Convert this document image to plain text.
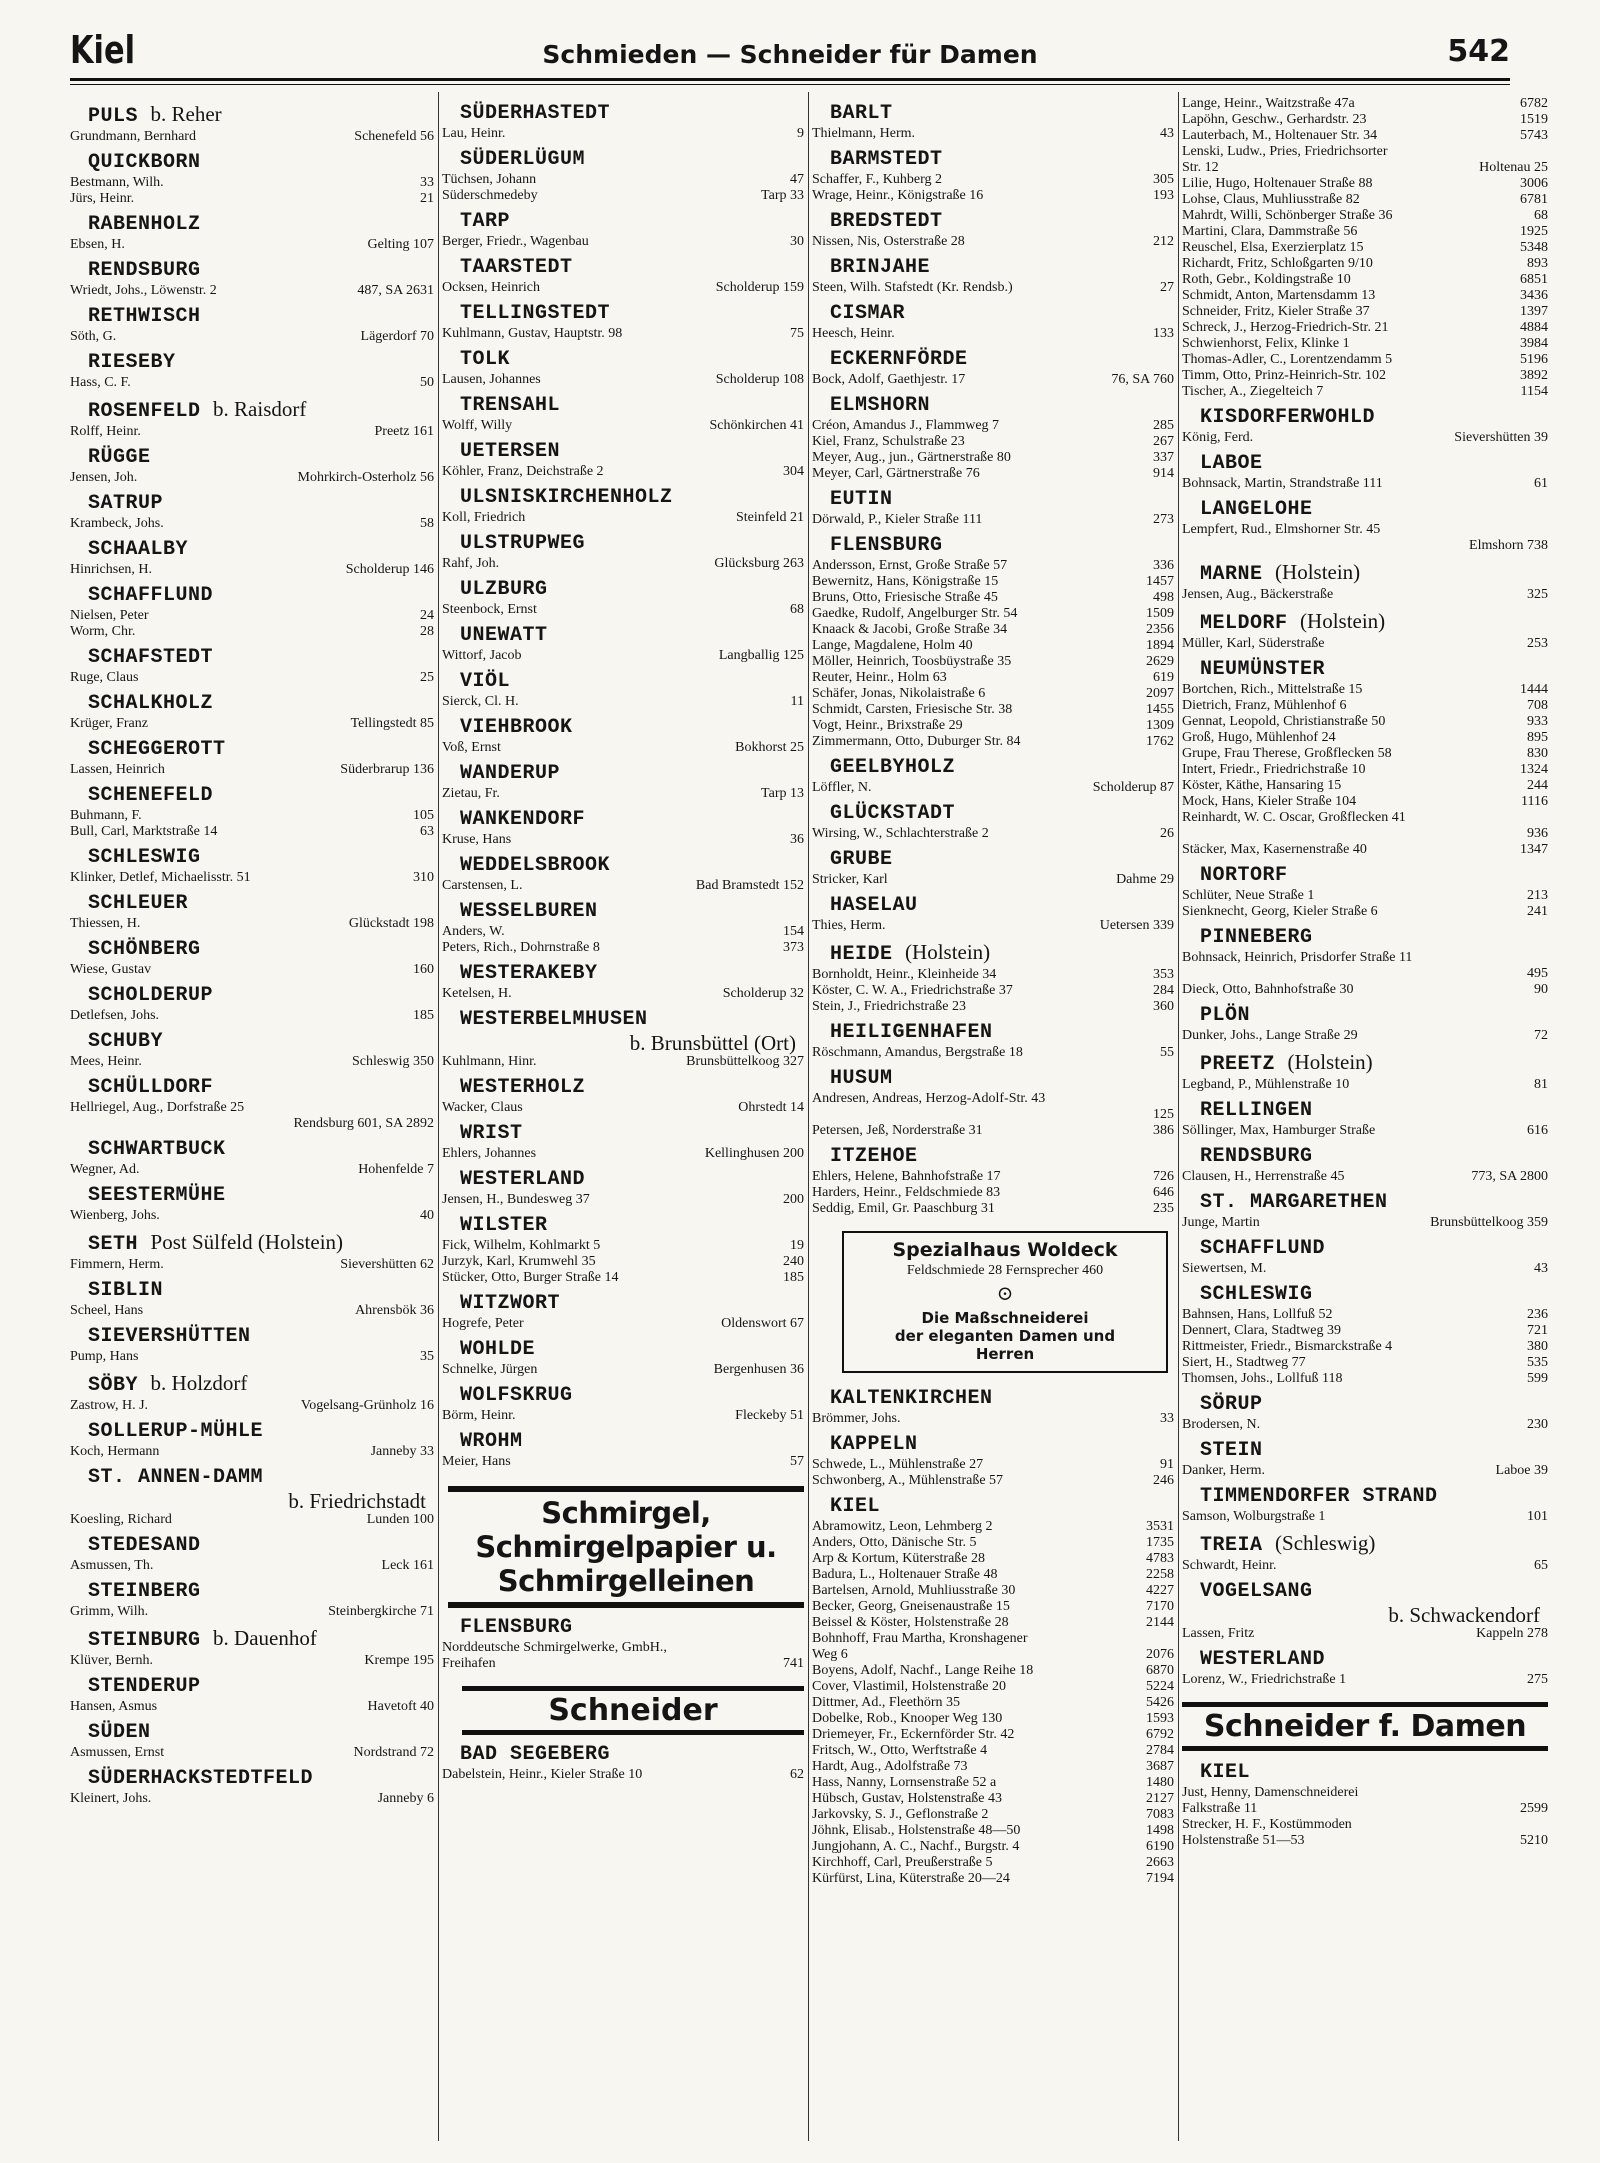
Kiel	Schmieden — Schneider für Damen	542
PULS b. Reher
Grundmann, Bernhard	Schenefeld 56
QUICKBORN
Bestmann, Wilh.	33
Jürs, Heinr.	21
RABENHOLZ
Ebsen, H.	Gelting 107
RENDSBURG
Wriedt, Johs., Löwenstr. 2	487, SA 2631
RETHWISCH
Söth, G.	Lägerdorf 70
RIESEBY
Hass, C. F.	50
ROSENFELD b. Raisdorf
Rolff, Heinr.	Preetz 161
RÜGGE
Jensen, Joh.	Mohrkirch-Osterholz 56
SATRUP
Krambeck, Johs.	58
SCHAALBY
Hinrichsen, H.	Scholderup 146
SCHAFFLUND
Nielsen, Peter	24
Worm, Chr.	28
SCHAFSTEDT
Ruge, Claus	25
SCHALKHOLZ
Krüger, Franz	Tellingstedt 85
SCHEGGEROTT
Lassen, Heinrich	Süderbrarup 136
SCHENEFELD
Buhmann, F.	105
Bull, Carl, Marktstraße 14	63
SCHLESWIG
Klinker, Detlef, Michaelisstr. 51	310
SCHLEUER
Thiessen, H.	Glückstadt 198
SCHÖNBERG
Wiese, Gustav	160
SCHOLDERUP
Detlefsen, Johs.	185
SCHUBY
Mees, Heinr.	Schleswig 350
SCHÜLLDORF
Hellriegel, Aug., Dorfstraße 25
Rendsburg 601, SA 2892
SCHWARTBUCK
Wegner, Ad.	Hohenfelde 7
SEESTERMÜHE
Wienberg, Johs.	40
SETH Post Sülfeld (Holstein)
Fimmern, Herm.	Sievershütten 62
SIBLIN
Scheel, Hans	Ahrensbök 36
SIEVERSHÜTTEN
Pump, Hans	35
SÖBY b. Holzdorf
Zastrow, H. J.	Vogelsang-Grünholz 16
SOLLERUP-MÜHLE
Koch, Hermann	Janneby 33
ST. ANNEN-DAMM
b. Friedrichstadt
Koesling, Richard	Lunden 100
STEDESAND
Asmussen, Th.	Leck 161
STEINBERG
Grimm, Wilh.	Steinbergkirche 71
STEINBURG b. Dauenhof
Klüver, Bernh.	Krempe 195
STENDERUP
Hansen, Asmus	Havetoft 40
SÜDEN
Asmussen, Ernst	Nordstrand 72
SÜDERHACKSTEDTFELD
Kleinert, Johs.	Janneby 6
SÜDERHASTEDT
Lau, Heinr.	9
SÜDERLÜGUM
Tüchsen, Johann	47
Süderschmedeby	Tarp 33
TARP
Berger, Friedr., Wagenbau	30
TAARSTEDT
Ocksen, Heinrich	Scholderup 159
TELLINGSTEDT
Kuhlmann, Gustav, Hauptstr. 98	75
TOLK
Lausen, Johannes	Scholderup 108
TRENSAHL
Wolff, Willy	Schönkirchen 41
UETERSEN
Köhler, Franz, Deichstraße 2	304
ULSNISKIRCHENHOLZ
Koll, Friedrich	Steinfeld 21
ULSTRUPWEG
Rahf, Joh.	Glücksburg 263
ULZBURG
Steenbock, Ernst	68
UNEWATT
Wittorf, Jacob	Langballig 125
VIÖL
Sierck, Cl. H.	11
VIEHBROOK
Voß, Ernst	Bokhorst 25
WANDERUP
Zietau, Fr.	Tarp 13
WANKENDORF
Kruse, Hans	36
WEDDELSBROOK
Carstensen, L.	Bad Bramstedt 152
WESSELBUREN
Anders, W.	154
Peters, Rich., Dohrnstraße 8	373
WESTERAKEBY
Ketelsen, H.	Scholderup 32
WESTERBELMHUSEN
b. Brunsbüttel (Ort)
Kuhlmann, Hinr.	Brunsbüttelkoog 327
WESTERHOLZ
Wacker, Claus	Ohrstedt 14
WRIST
Ehlers, Johannes	Kellinghusen 200
WESTERLAND
Jensen, H., Bundesweg 37	200
WILSTER
Fick, Wilhelm, Kohlmarkt 5	19
Jurzyk, Karl, Krumwehl 35	240
Stücker, Otto, Burger Straße 14	185
WITZWORT
Hogrefe, Peter	Oldenswort 67
WOHLDE
Schnelke, Jürgen	Bergenhusen 36
WOLFSKRUG
Börm, Heinr.	Fleckeby 51
WROHM
Meier, Hans	57
Schmirgel,
Schmirgelpapier u.
Schmirgelleinen
FLENSBURG
Norddeutsche Schmirgelwerke, GmbH.,
Freihafen	741
Schneider
BAD SEGEBERG
Dabelstein, Heinr., Kieler Straße 10	62
BARLT
Thielmann, Herm.	43
BARMSTEDT
Schaffer, F., Kuhberg 2	305
Wrage, Heinr., Königstraße 16	193
BREDSTEDT
Nissen, Nis, Osterstraße 28	212
BRINJAHE
Steen, Wilh. Stafstedt (Kr. Rendsb.)	27
CISMAR
Heesch, Heinr.	133
ECKERNFÖRDE
Bock, Adolf, Gaethjestr. 17	76, SA 760
ELMSHORN
Créon, Amandus J., Flammweg 7	285
Kiel, Franz, Schulstraße 23	267
Meyer, Aug., jun., Gärtnerstraße 80	337
Meyer, Carl, Gärtnerstraße 76	914
EUTIN
Dörwald, P., Kieler Straße 111	273
FLENSBURG
Andersson, Ernst, Große Straße 57	336
Bewernitz, Hans, Königstraße 15	1457
Bruns, Otto, Friesische Straße 45	498
Gaedke, Rudolf, Angelburger Str. 54	1509
Knaack & Jacobi, Große Straße 34	2356
Lange, Magdalene, Holm 40	1894
Möller, Heinrich, Toosbüystraße 35	2629
Reuter, Heinr., Holm 63	619
Schäfer, Jonas, Nikolaistraße 6	2097
Schmidt, Carsten, Friesische Str. 38	1455
Vogt, Heinr., Brixstraße 29	1309
Zimmermann, Otto, Duburger Str. 84	1762
GEELBYHOLZ
Löffler, N.	Scholderup 87
GLÜCKSTADT
Wirsing, W., Schlachterstraße 2	26
GRUBE
Stricker, Karl	Dahme 29
HASELAU
Thies, Herm.	Uetersen 339
HEIDE (Holstein)
Bornholdt, Heinr., Kleinheide 34	353
Köster, C. W. A., Friedrichstraße 37	284
Stein, J., Friedrichstraße 23	360
HEILIGENHAFEN
Röschmann, Amandus, Bergstraße 18	55
HUSUM
Andresen, Andreas, Herzog-Adolf-Str. 43
125
Petersen, Jeß, Norderstraße 31	386
ITZEHOE
Ehlers, Helene, Bahnhofstraße 17	726
Harders, Heinr., Feldschmiede 83	646
Seddig, Emil, Gr. Paaschburg 31	235
Spezialhaus Woldeck
Feldschmiede 28 Fernsprecher 460
⊙
Die Maßschneiderei
der eleganten Damen und
Herren
KALTENKIRCHEN
Brömmer, Johs.	33
KAPPELN
Schwede, L., Mühlenstraße 27	91
Schwonberg, A., Mühlenstraße 57	246
KIEL
Abramowitz, Leon, Lehmberg 2	3531
Anders, Otto, Dänische Str. 5	1735
Arp & Kortum, Küterstraße 28	4783
Badura, L., Holtenauer Straße 48	2258
Bartelsen, Arnold, Muhliusstraße 30	4227
Becker, Georg, Gneisenaustraße 15	7170
Beissel & Köster, Holstenstraße 28	2144
Bohnhoff, Frau Martha, Kronshagener
Weg 6	2076
Boyens, Adolf, Nachf., Lange Reihe 18	6870
Cover, Vlastimil, Holstenstraße 20	5224
Dittmer, Ad., Fleethörn 35	5426
Dobelke, Rob., Knooper Weg 130	1593
Driemeyer, Fr., Eckernförder Str. 42	6792
Fritsch, W., Otto, Werftstraße 4	2784
Hardt, Aug., Adolfstraße 73	3687
Hass, Nanny, Lornsenstraße 52 a	1480
Hübsch, Gustav, Holstenstraße 43	2127
Jarkovsky, S. J., Geflonstraße 2	7083
Jöhnk, Elisab., Holstenstraße 48—50	1498
Jungjohann, A. C., Nachf., Burgstr. 4	6190
Kirchhoff, Carl, Preußerstraße 5	2663
Kürfürst, Lina, Küterstraße 20—24	7194
Lange, Heinr., Waitzstraße 47a	6782
Lapöhn, Geschw., Gerhardstr. 23	1519
Lauterbach, M., Holtenauer Str. 34	5743
Lenski, Ludw., Pries, Friedrichsorter
Str. 12	Holtenau 25
Lilie, Hugo, Holtenauer Straße 88	3006
Lohse, Claus, Muhliusstraße 82	6781
Mahrdt, Willi, Schönberger Straße 36	68
Martini, Clara, Dammstraße 56	1925
Reuschel, Elsa, Exerzierplatz 15	5348
Richardt, Fritz, Schloßgarten 9/10	893
Roth, Gebr., Koldingstraße 10	6851
Schmidt, Anton, Martensdamm 13	3436
Schneider, Fritz, Kieler Straße 37	1397
Schreck, J., Herzog-Friedrich-Str. 21	4884
Schwienhorst, Felix, Klinke 1	3984
Thomas-Adler, C., Lorentzendamm 5	5196
Timm, Otto, Prinz-Heinrich-Str. 102	3892
Tischer, A., Ziegelteich 7	1154
KISDORFERWOHLD
König, Ferd.	Sievershütten 39
LABOE
Bohnsack, Martin, Strandstraße 111	61
LANGELOHE
Lempfert, Rud., Elmshorner Str. 45
Elmshorn 738
MARNE (Holstein)
Jensen, Aug., Bäckerstraße	325
MELDORF (Holstein)
Müller, Karl, Süderstraße	253
NEUMÜNSTER
Bortchen, Rich., Mittelstraße 15	1444
Dietrich, Franz, Mühlenhof 6	708
Gennat, Leopold, Christianstraße 50	933
Groß, Hugo, Mühlenhof 24	895
Grupe, Frau Therese, Großflecken 58	830
Intert, Friedr., Friedrichstraße 10	1324
Köster, Käthe, Hansaring 15	244
Mock, Hans, Kieler Straße 104	1116
Reinhardt, W. C. Oscar, Großflecken 41
936
Stäcker, Max, Kasernenstraße 40	1347
NORTORF
Schlüter, Neue Straße 1	213
Sienknecht, Georg, Kieler Straße 6	241
PINNEBERG
Bohnsack, Heinrich, Prisdorfer Straße 11
495
Dieck, Otto, Bahnhofstraße 30	90
PLÖN
Dunker, Johs., Lange Straße 29	72
PREETZ (Holstein)
Legband, P., Mühlenstraße 10	81
RELLINGEN
Söllinger, Max, Hamburger Straße	616
RENDSBURG
Clausen, H., Herrenstraße 45	773, SA 2800
ST. MARGARETHEN
Junge, Martin	Brunsbüttelkoog 359
SCHAFFLUND
Siewertsen, M.	43
SCHLESWIG
Bahnsen, Hans, Lollfuß 52	236
Dennert, Clara, Stadtweg 39	721
Rittmeister, Friedr., Bismarckstraße 4	380
Siert, H., Stadtweg 77	535
Thomsen, Johs., Lollfuß 118	599
SÖRUP
Brodersen, N.	230
STEIN
Danker, Herm.	Laboe 39
TIMMENDORFER STRAND
Samson, Wolburgstraße 1	101
TREIA (Schleswig)
Schwardt, Heinr.	65
VOGELSANG
b. Schwackendorf
Lassen, Fritz	Kappeln 278
WESTERLAND
Lorenz, W., Friedrichstraße 1	275
Schneider f. Damen
KIEL
Just, Henny, Damenschneiderei
Falkstraße 11	2599
Strecker, H. F., Kostümmoden
Holstenstraße 51—53	5210
